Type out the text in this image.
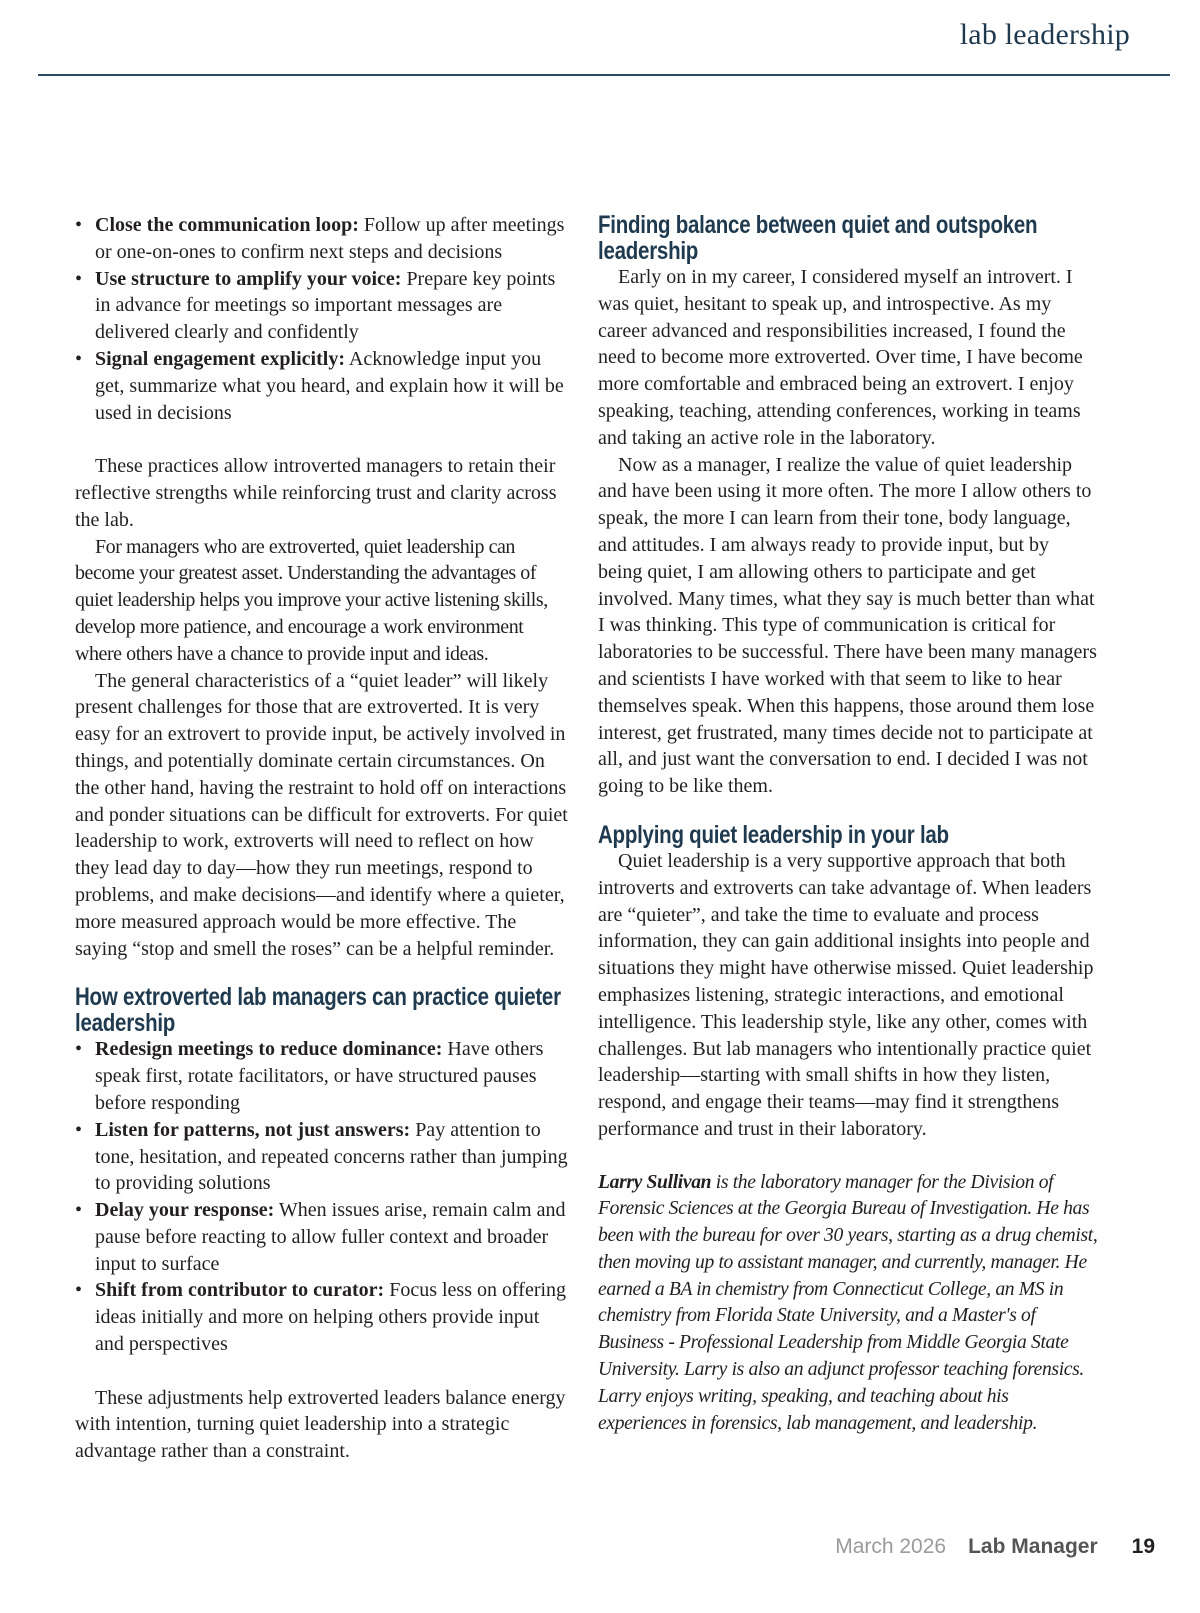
lab leadership
• Close the communication loop: Follow up after meetings or one-on-ones to confirm next steps and decisions
• Use structure to amplify your voice: Prepare key points in advance for meetings so important messages are delivered clearly and confidently
• Signal engagement explicitly: Acknowledge input you get, summarize what you heard, and explain how it will be used in decisions

These practices allow introverted managers to retain their reflective strengths while reinforcing trust and clarity across the lab.

For managers who are extroverted, quiet leadership can become your greatest asset. Understanding the advantages of quiet leadership helps you improve your active listening skills, develop more patience, and encourage a work environment where others have a chance to provide input and ideas.

The general characteristics of a “quiet leader” will likely present challenges for those that are extroverted. It is very easy for an extrovert to provide input, be actively involved in things, and potentially dominate certain circumstances. On the other hand, having the restraint to hold off on interactions and ponder situations can be difficult for extroverts. For quiet leadership to work, extroverts will need to reflect on how they lead day to day—how they run meetings, respond to problems, and make decisions—and identify where a quieter, more measured approach would be more effective. The saying “stop and smell the roses” can be a helpful reminder.

How extroverted lab managers can practice quieter leadership
• Redesign meetings to reduce dominance: Have others speak first, rotate facilitators, or have structured pauses before responding
• Listen for patterns, not just answers: Pay attention to tone, hesitation, and repeated concerns rather than jumping to providing solutions
• Delay your response: When issues arise, remain calm and pause before reacting to allow fuller context and broader input to surface
• Shift from contributor to curator: Focus less on offering ideas initially and more on helping others provide input and perspectives

These adjustments help extroverted leaders balance energy with intention, turning quiet leadership into a strategic advantage rather than a constraint.

Finding balance between quiet and outspoken leadership

Early on in my career, I considered myself an introvert. I was quiet, hesitant to speak up, and introspective. As my career advanced and responsibilities increased, I found the need to become more extroverted. Over time, I have become more comfortable and embraced being an extrovert. I enjoy speaking, teaching, attending conferences, working in teams and taking an active role in the laboratory.

Now as a manager, I realize the value of quiet leadership and have been using it more often. The more I allow others to speak, the more I can learn from their tone, body language, and attitudes. I am always ready to provide input, but by being quiet, I am allowing others to participate and get involved. Many times, what they say is much better than what I was thinking. This type of communication is critical for laboratories to be successful. There have been many managers and scientists I have worked with that seem to like to hear themselves speak. When this happens, those around them lose interest, get frustrated, many times decide not to participate at all, and just want the conversation to end. I decided I was not going to be like them.

Applying quiet leadership in your lab

Quiet leadership is a very supportive approach that both introverts and extroverts can take advantage of. When leaders are “quieter”, and take the time to evaluate and process information, they can gain additional insights into people and situations they might have otherwise missed. Quiet leadership emphasizes listening, strategic interactions, and emotional intelligence. This leadership style, like any other, comes with challenges. But lab managers who intentionally practice quiet leadership—starting with small shifts in how they listen, respond, and engage their teams—may find it strengthens performance and trust in their laboratory.

Larry Sullivan is the laboratory manager for the Division of Forensic Sciences at the Georgia Bureau of Investigation. He has been with the bureau for over 30 years, starting as a drug chemist, then moving up to assistant manager, and currently, manager. He earned a BA in chemistry from Connecticut College, an MS in chemistry from Florida State University, and a Master's of Business - Professional Leadership from Middle Georgia State University. Larry is also an adjunct professor teaching forensics. Larry enjoys writing, speaking, and teaching about his experiences in forensics, lab management, and leadership.

March 2026 Lab Manager 19
